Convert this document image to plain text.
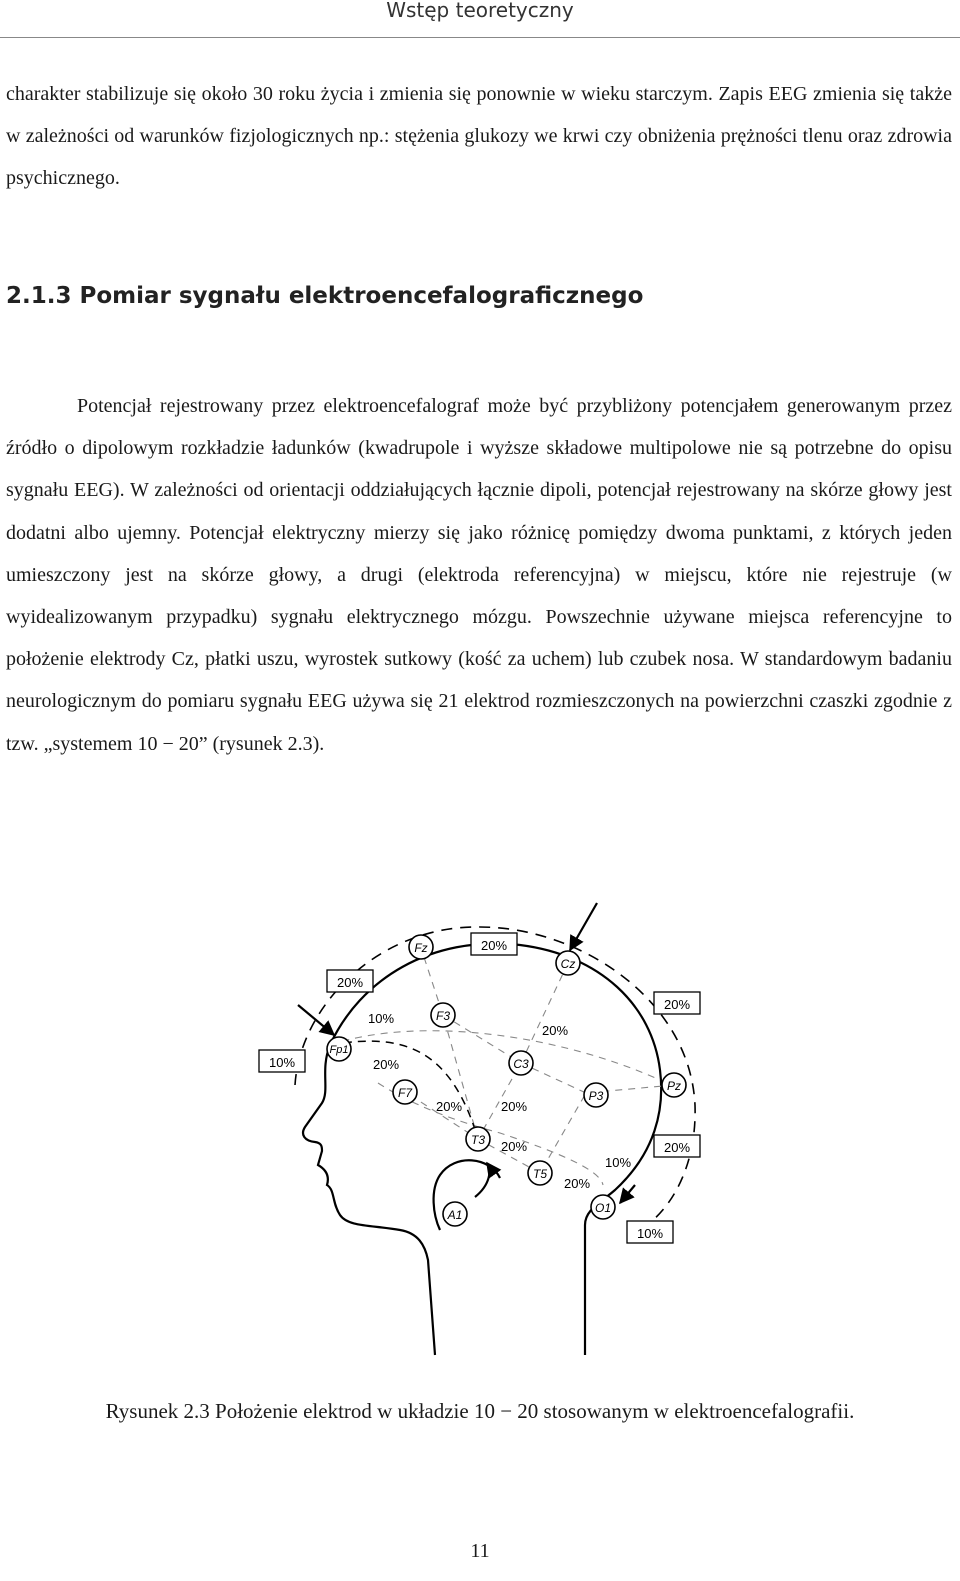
Wstęp teoretyczny

charakter stabilizuje się około 30 roku życia i zmienia się ponownie w wieku starczym. Zapis EEG zmienia się także w zależności od warunków fizjologicznych np.: stężenia glukozy we krwi czy obniżenia prężności tlenu oraz zdrowia psychicznego.

2.1.3 Pomiar sygnału elektroencefalograficznego

Potencjał rejestrowany przez elektroencefalograf może być przybliżony potencjałem generowanym przez źródło o dipolowym rozkładzie ładunków (kwadrupole i wyższe składowe multipolowe nie są potrzebne do opisu sygnału EEG). W zależności od orientacji oddziałujących łącznie dipoli, potencjał rejestrowany na skórze głowy jest dodatni albo ujemny. Potencjał elektryczny mierzy się jako różnicę pomiędzy dwoma punktami, z których jeden umieszczony jest na skórze głowy, a drugi (elektroda referencyjna) w miejscu, które nie rejestruje (w wyidealizowanym przypadku) sygnału elektrycznego mózgu. Powszechnie używane miejsca referencyjne to położenie elektrody Cz, płatki uszu, wyrostek sutkowy (kość za uchem) lub czubek nosa. W standardowym badaniu neurologicznym do pomiaru sygnału EEG używa się 21 elektrod rozmieszczonych na powierzchni czaszki zgodnie z tzw. „systemem 10 − 20” (rysunek 2.3).

Fz
Cz
F3
Fp1
F7
C3
T3
P3
Pz
T5
O1
A1
20%
20%
20%
10%
20%
10%
10%
20%
20%
20%	20%
20%
10%
20%
Rysunek 2.3 Położenie elektrod w układzie 10 − 20 stosowanym w elektroencefalografii.
11
